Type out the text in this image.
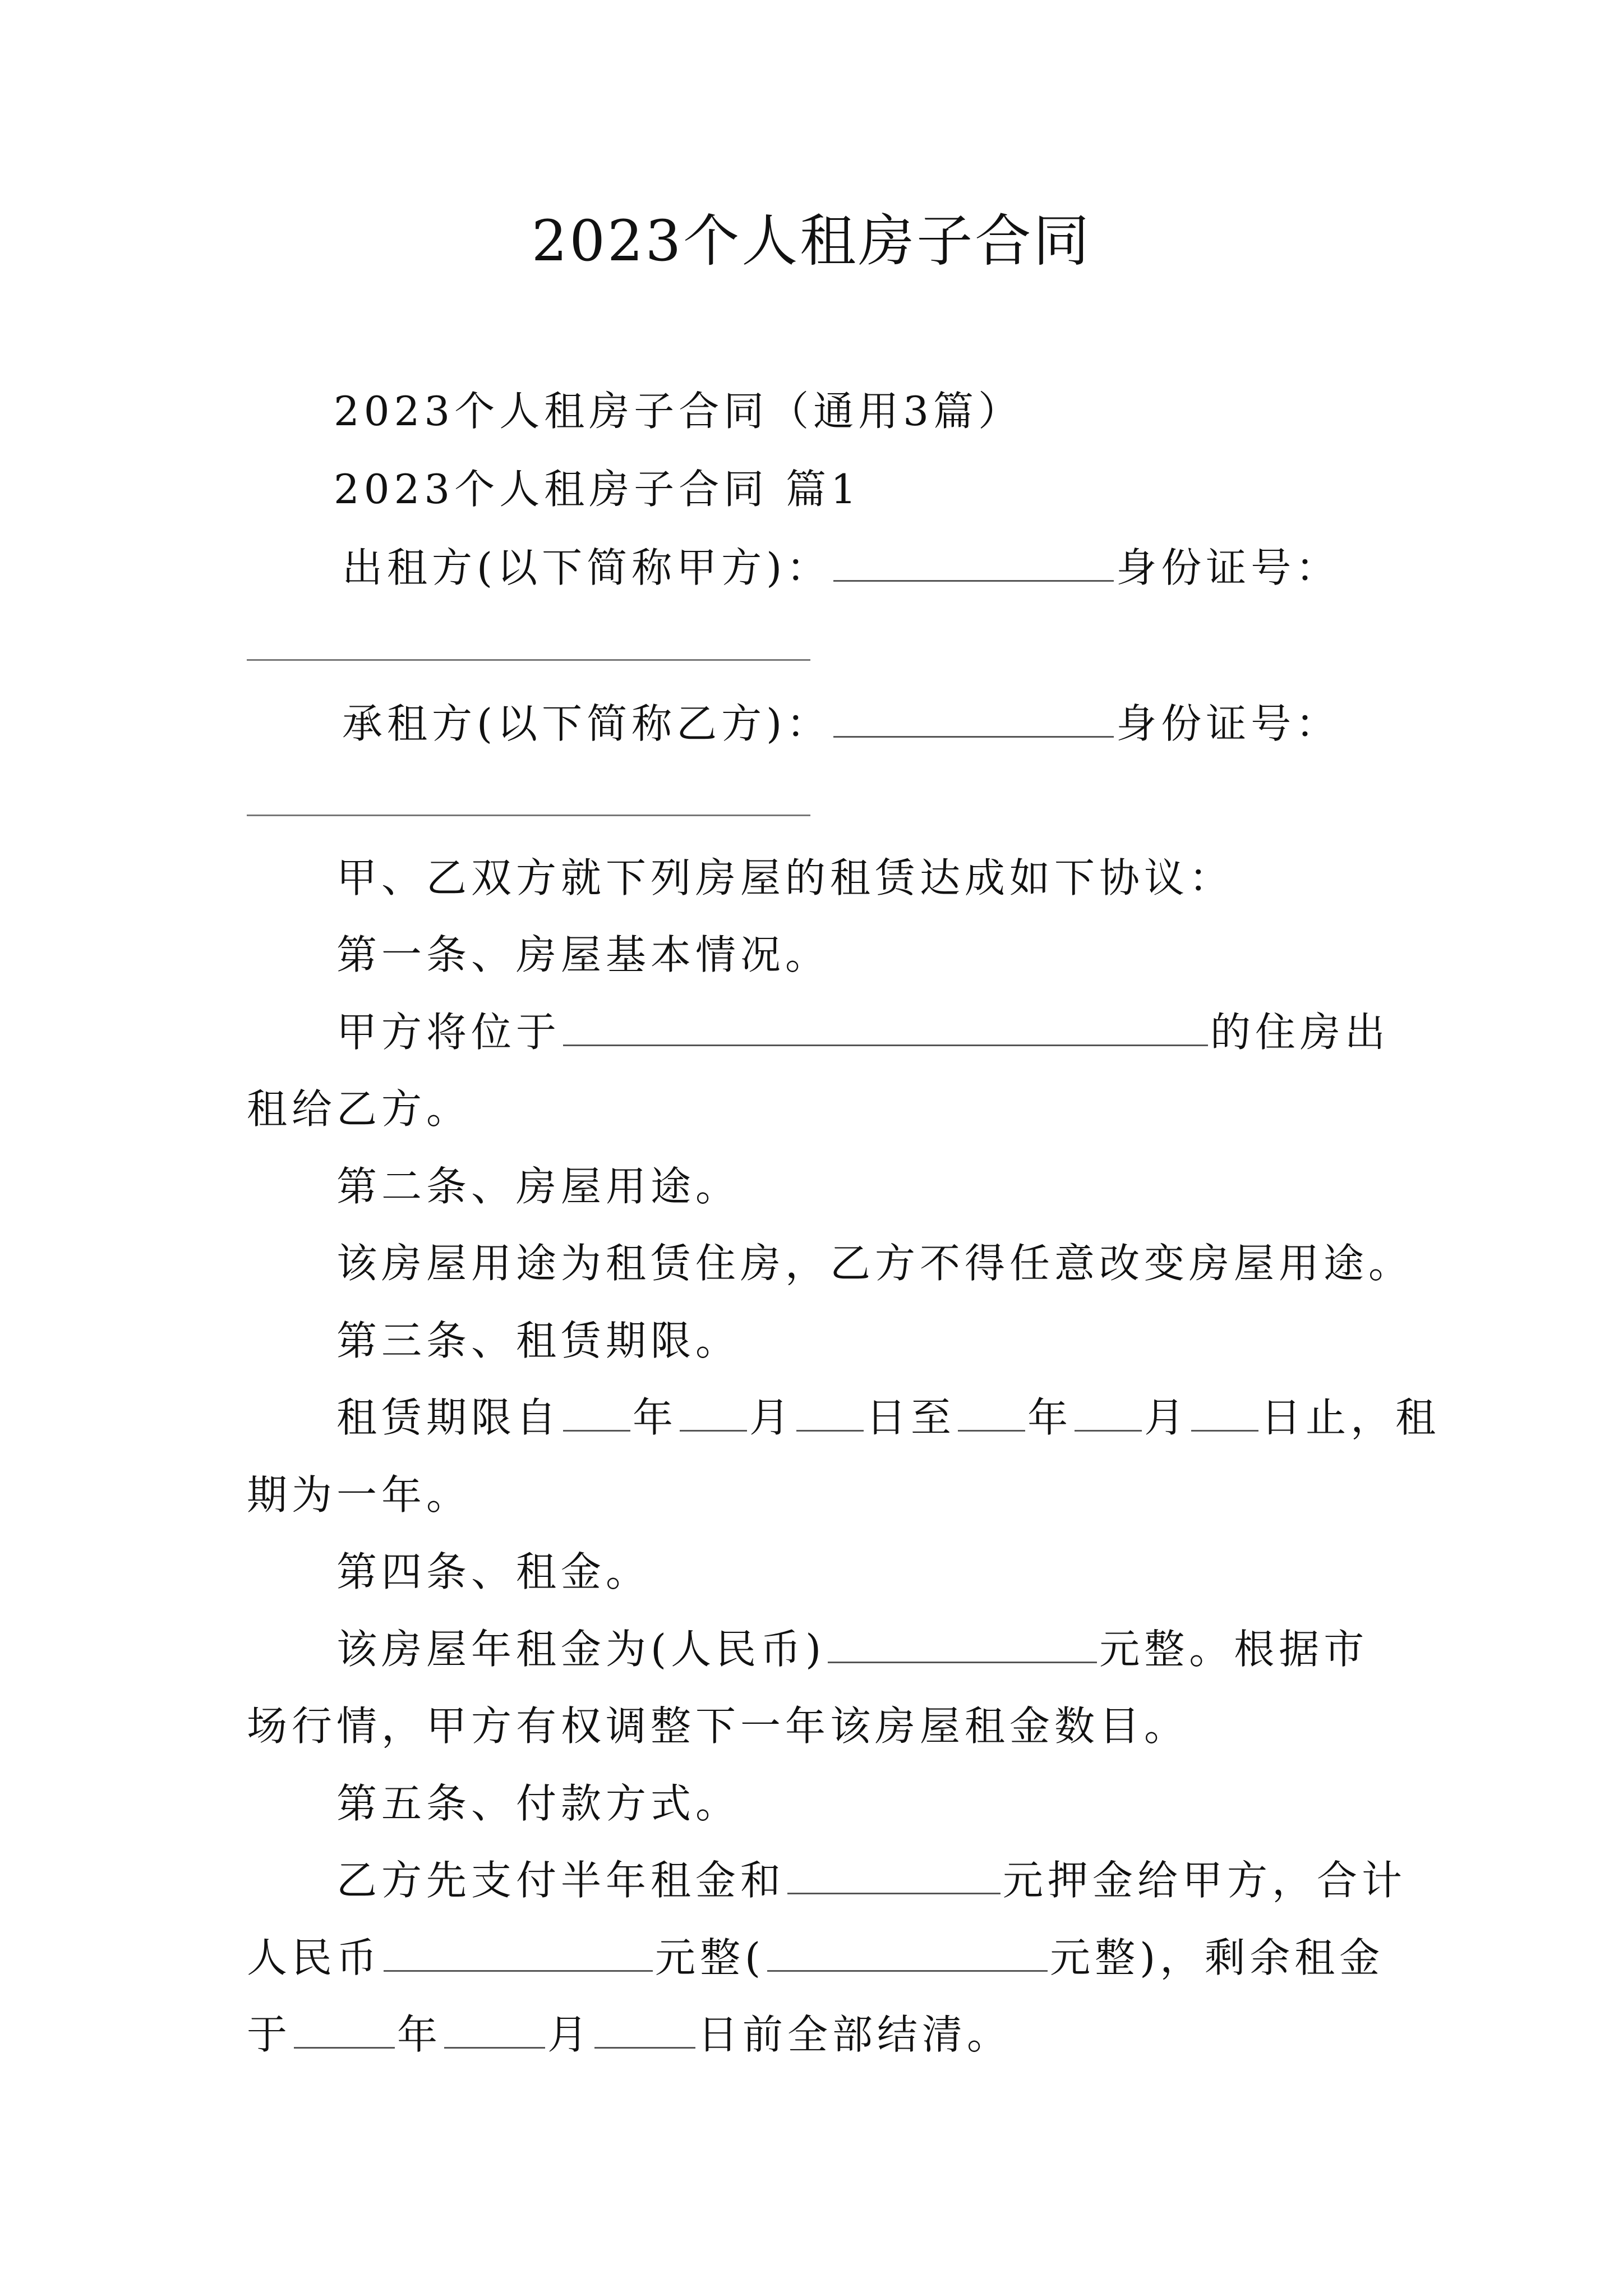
2023个人租房子合同
2023个人租房子合同（通用3篇）
2023个人租房子合同 篇1
出租方(以下简称甲方)：	身份证号：
承租方(以下简称乙方)：	身份证号：
甲、乙双方就下列房屋的租赁达成如下协议：
第一条、房屋基本情况。
甲方将位于	的住房出
租给乙方。
第二条、房屋用途。
该房屋用途为租赁住房，乙方不得任意改变房屋用途。
第三条、租赁期限。
租赁期限自 年 月 日至 年 月 日止，租
期为一年。
第四条、租金。
该房屋年租金为(人民币)	元整。根据市
场行情，甲方有权调整下一年该房屋租金数目。
第五条、付款方式。
乙方先支付半年租金和	元押金给甲方，合计
人民币	元整(	元整)，剩余租金
于	年	月	日前全部结清。
